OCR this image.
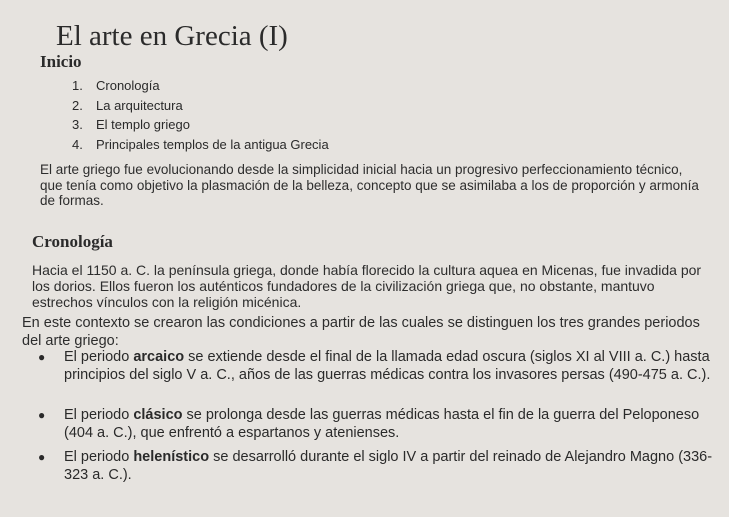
El arte en Grecia (I)
Inicio
1. Cronología
2. La arquitectura
3. El templo griego
4. Principales templos de la antigua Grecia

El arte griego fue evolucionando desde la simplicidad inicial hacia un progresivo perfeccionamiento técnico, que tenía como objetivo la plasmación de la belleza, concepto que se asimilaba a los de proporción y armonía de formas.

Cronología

Hacia el 1150 a. C. la península griega, donde había florecido la cultura aquea en Micenas, fue invadida por los dorios. Ellos fueron los auténticos fundadores de la civilización griega que, no obstante, mantuvo estrechos vínculos con la religión micénica.

En este contexto se crearon las condiciones a partir de las cuales se distinguen los tres grandes periodos del arte griego:

● El periodo arcaico se extiende desde el final de la llamada edad oscura (siglos XI al VIII a. C.) hasta principios del siglo V a. C., años de las guerras médicas contra los invasores persas (490-475 a. C.).
● El periodo clásico se prolonga desde las guerras médicas hasta el fin de la guerra del Peloponeso (404 a. C.), que enfrentó a espartanos y atenienses.
● El periodo helenístico se desarrolló durante el siglo IV a partir del reinado de Alejandro Magno (336-323 a. C.).
